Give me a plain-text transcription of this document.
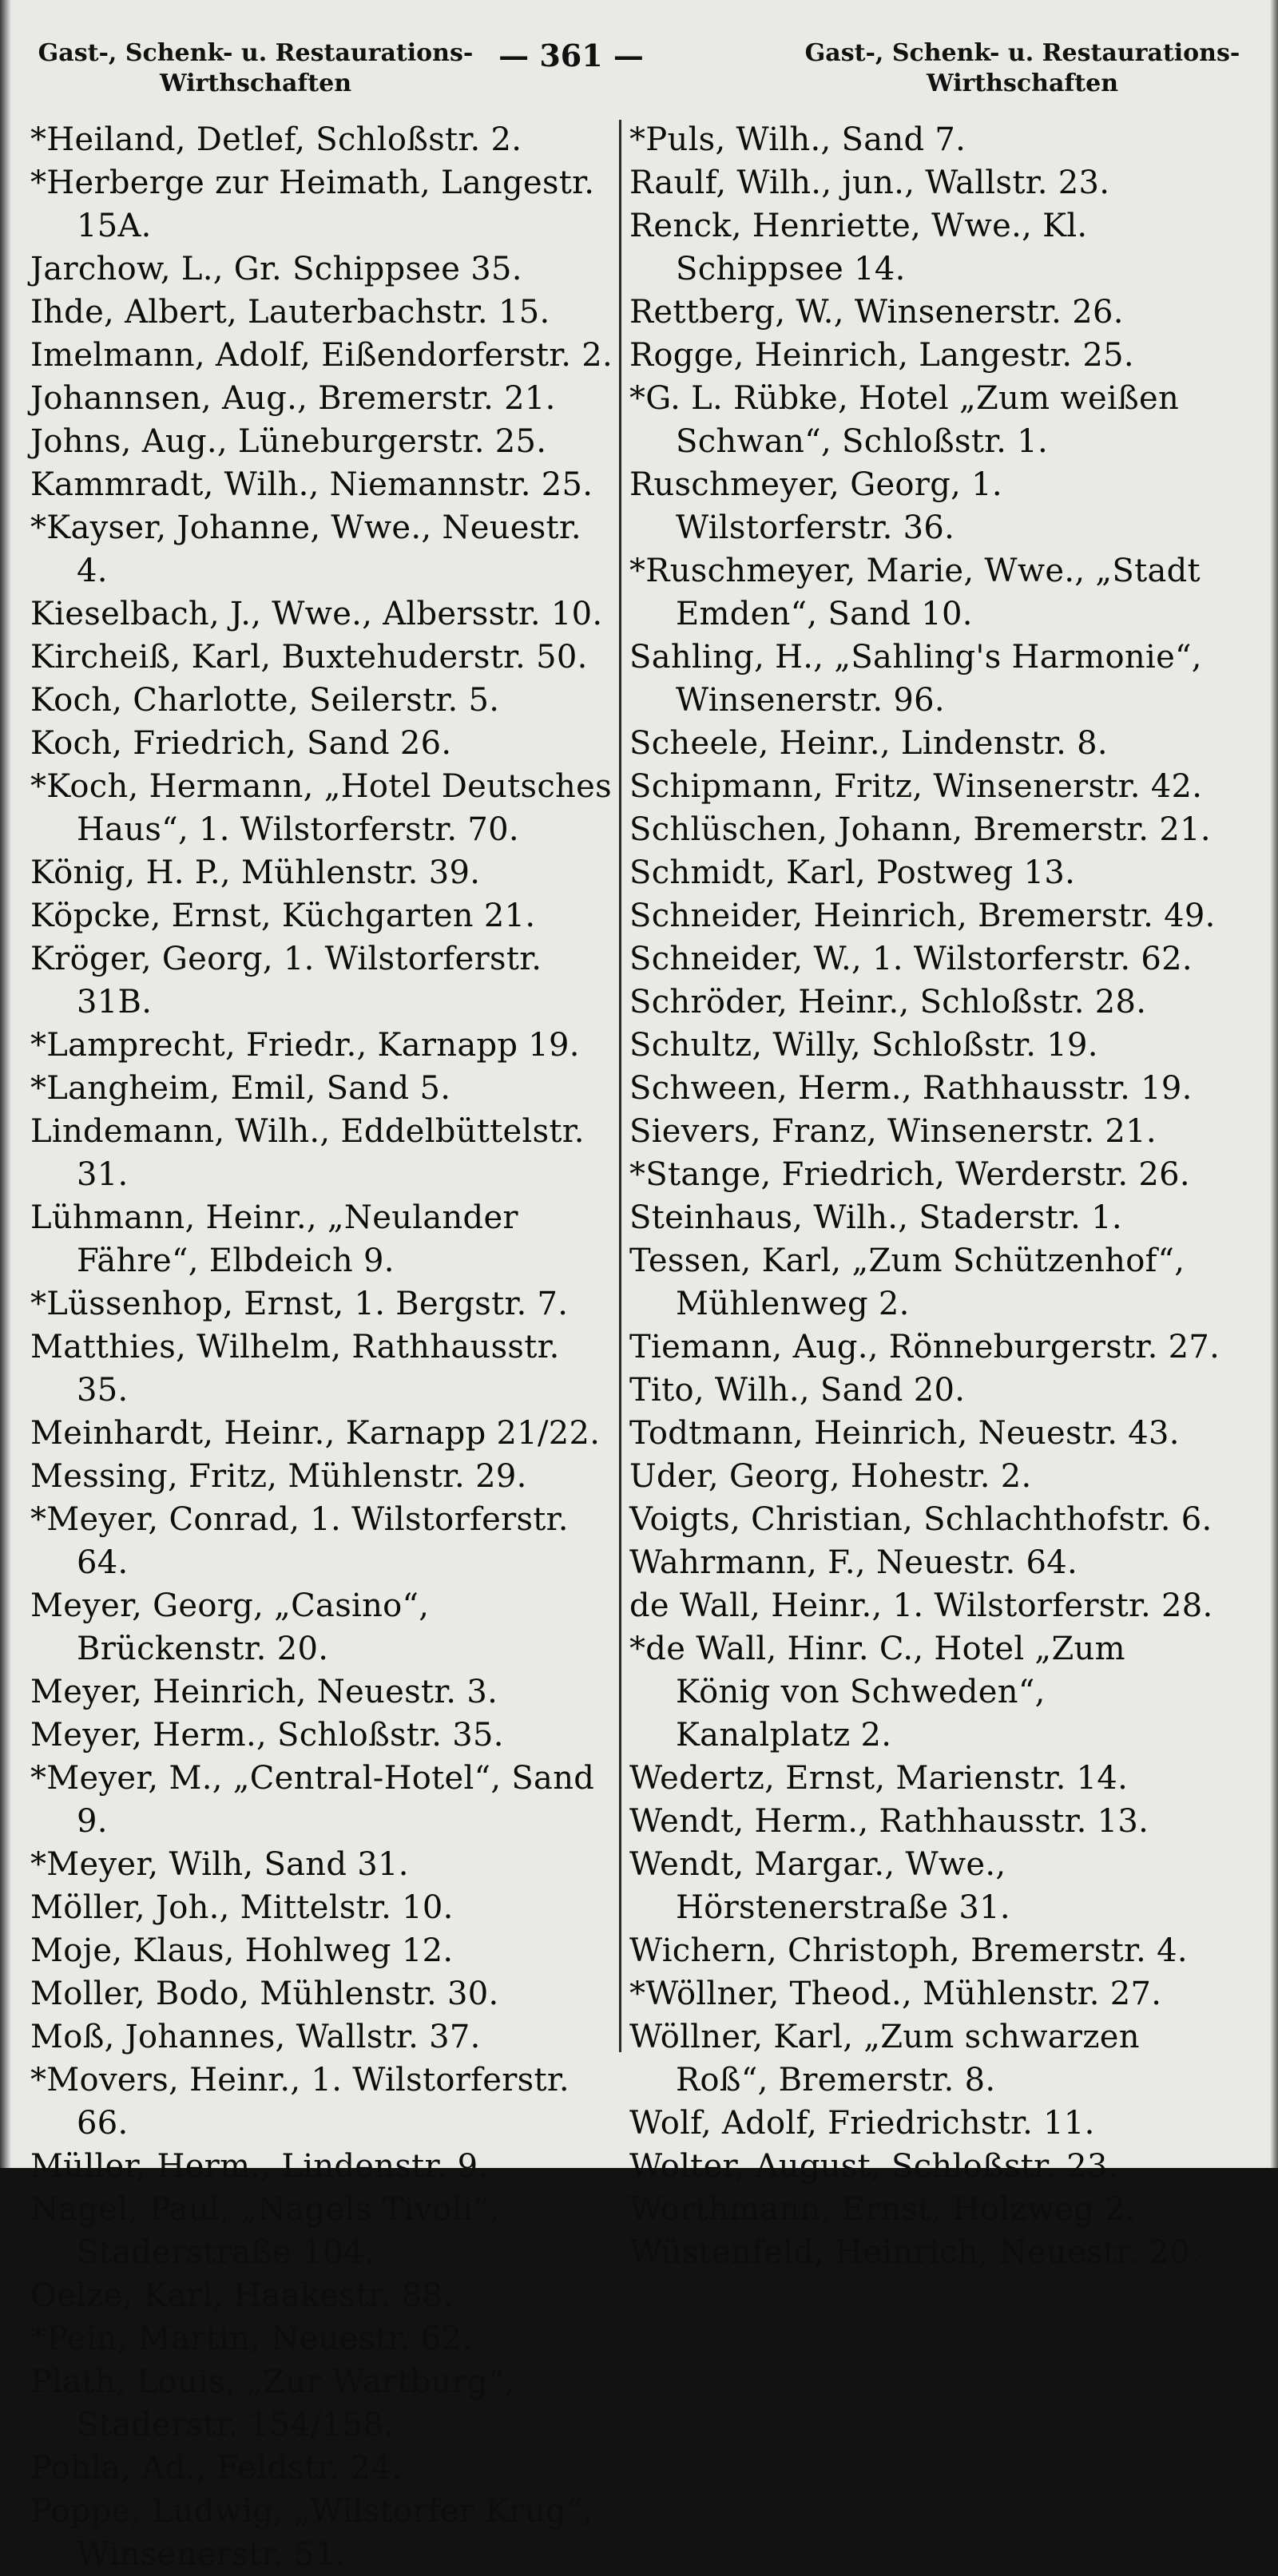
Gast-, Schenk- u. Restaurations-
Wirthschaften
— 361 —	Gast-, Schenk- u. Restaurations-
Wirthschaften

*Heiland, Detlef, Schloßstr. 2.

*Herberge zur Heimath, Langestr. 15A.

Jarchow, L., Gr. Schippsee 35.

Ihde, Albert, Lauterbachstr. 15.

Imelmann, Adolf, Eißendorferstr. 2.

Johannsen, Aug., Bremerstr. 21.

Johns, Aug., Lüneburgerstr. 25.

Kammradt, Wilh., Niemannstr. 25.

*Kayser, Johanne, Wwe., Neuestr. 4.

Kieselbach, J., Wwe., Albersstr. 10.

Kircheiß, Karl, Buxtehuderstr. 50.

Koch, Charlotte, Seilerstr. 5.

Koch, Friedrich, Sand 26.

*Koch, Hermann, „Hotel Deutsches Haus“, 1. Wilstorferstr. 70.

König, H. P., Mühlenstr. 39.

Köpcke, Ernst, Küchgarten 21.

Kröger, Georg, 1. Wilstorferstr. 31B.

*Lamprecht, Friedr., Karnapp 19.

*Langheim, Emil, Sand 5.

Lindemann, Wilh., Eddelbüttelstr. 31.

Lühmann, Heinr., „Neulander Fähre“, Elbdeich 9.

*Lüssenhop, Ernst, 1. Bergstr. 7.

Matthies, Wilhelm, Rathhausstr. 35.

Meinhardt, Heinr., Karnapp 21/22.

Messing, Fritz, Mühlenstr. 29.

*Meyer, Conrad, 1. Wilstorferstr. 64.

Meyer, Georg, „Casino“, Brückenstr. 20.

Meyer, Heinrich, Neuestr. 3.

Meyer, Herm., Schloßstr. 35.

*Meyer, M., „Central-Hotel“, Sand 9.

*Meyer, Wilh, Sand 31.

Möller, Joh., Mittelstr. 10.

Moje, Klaus, Hohlweg 12.

Moller, Bodo, Mühlenstr. 30.

Moß, Johannes, Wallstr. 37.

*Movers, Heinr., 1. Wilstorferstr. 66.

Müller, Herm., Lindenstr. 9.

Nagel, Paul, „Nagels Tivoli“, Staderstraße 104.

Oelze, Karl, Haakestr. 88.

*Pein, Martin, Neuestr. 62.

Plath, Louis, „Zur Wartburg“, Staderstr. 154/158.

Pohla, Ad., Feldstr. 24.

Poppe, Ludwig, „Wilstorfer Krug“, Winsenerstr. 51.

*Puls, Wilh., Sand 7.

Raulf, Wilh., jun., Wallstr. 23.

Renck, Henriette, Wwe., Kl. Schippsee 14.

Rettberg, W., Winsenerstr. 26.

Rogge, Heinrich, Langestr. 25.

*G. L. Rübke, Hotel „Zum weißen Schwan“, Schloßstr. 1.

Ruschmeyer, Georg, 1. Wilstorferstr. 36.

*Ruschmeyer, Marie, Wwe., „Stadt Emden“, Sand 10.

Sahling, H., „Sahling's Harmonie“, Winsenerstr. 96.

Scheele, Heinr., Lindenstr. 8.

Schipmann, Fritz, Winsenerstr. 42.

Schlüschen, Johann, Bremerstr. 21.

Schmidt, Karl, Postweg 13.

Schneider, Heinrich, Bremerstr. 49.

Schneider, W., 1. Wilstorferstr. 62.

Schröder, Heinr., Schloßstr. 28.

Schultz, Willy, Schloßstr. 19.

Schween, Herm., Rathhausstr. 19.

Sievers, Franz, Winsenerstr. 21.

*Stange, Friedrich, Werderstr. 26.

Steinhaus, Wilh., Staderstr. 1.

Tessen, Karl, „Zum Schützenhof“, Mühlenweg 2.

Tiemann, Aug., Rönneburgerstr. 27.

Tito, Wilh., Sand 20.

Todtmann, Heinrich, Neuestr. 43.

Uder, Georg, Hohestr. 2.

Voigts, Christian, Schlachthofstr. 6.

Wahrmann, F., Neuestr. 64.

de Wall, Heinr., 1. Wilstorferstr. 28.

*de Wall, Hinr. C., Hotel „Zum König von Schweden“, Kanalplatz 2.

Wedertz, Ernst, Marienstr. 14.

Wendt, Herm., Rathhausstr. 13.

Wendt, Margar., Wwe., Hörstenerstraße 31.

Wichern, Christoph, Bremerstr. 4.

*Wöllner, Theod., Mühlenstr. 27.

Wöllner, Karl, „Zum schwarzen Roß“, Bremerstr. 8.

Wolf, Adolf, Friedrichstr. 11.

Wolter, August, Schloßstr. 23.

Worthmann, Ernst, Holzweg 2.

Wüstenfeld, Heinrich, Neuestr. 20.
